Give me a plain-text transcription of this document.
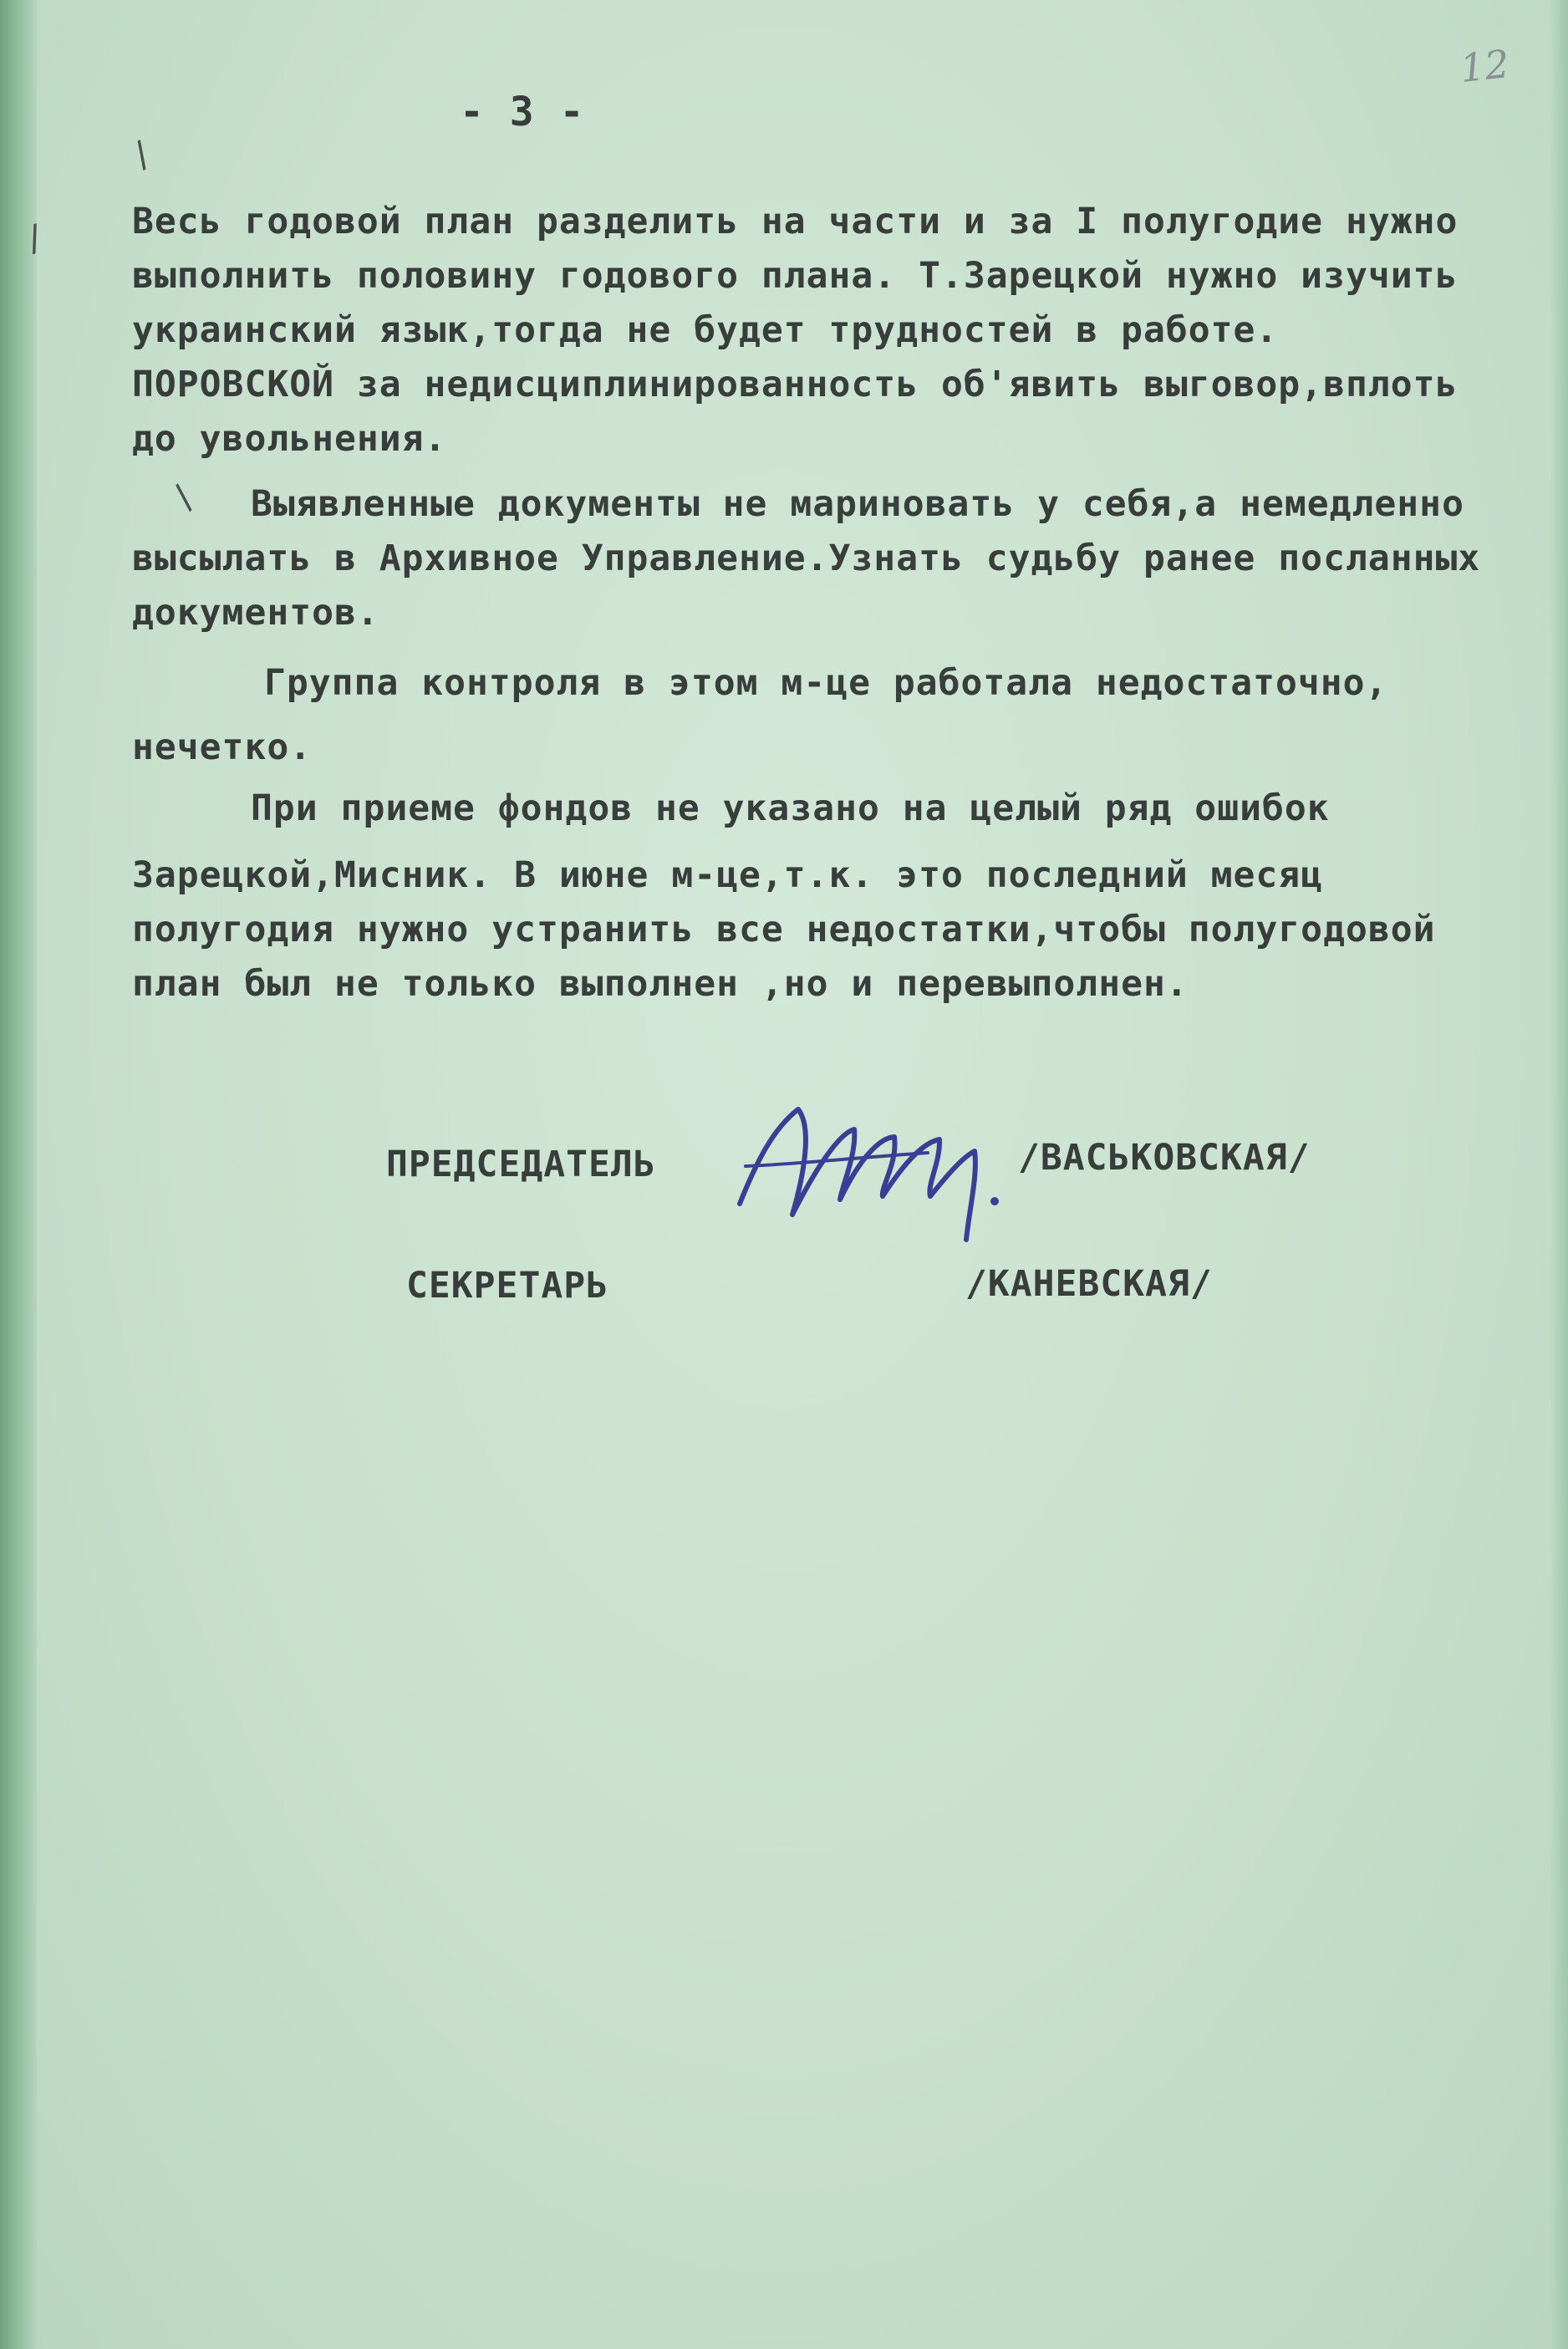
- 3 -
12
Весь годовой план разделить на части и за I полугодие нужно
выполнить половину годового плана. Т.Зарецкой нужно изучить
украинский язык,тогда не будет трудностей в работе.
ПОРОВСКОЙ за недисциплинированность об'явить выговор,вплоть
до увольнения.
Выявленные документы не мариновать у себя,а немедленно
высылать в Архивное Управление.Узнать судьбу ранее посланных
документов.
Группа контроля в этом м-це работала недостаточно,
нечетко.
При приеме фондов не указано на целый ряд ошибок
Зарецкой,Мисник. В июне м-це,т.к. это последний месяц
полугодия нужно устранить все недостатки,чтобы полугодовой
план был не только выполнен ,но и перевыполнен.
ПРЕДСЕДАТЕЛЬ	/ВАСЬКОВСКАЯ/
СЕКРЕТАРЬ	/КАНЕВСКАЯ/
/
/
/
